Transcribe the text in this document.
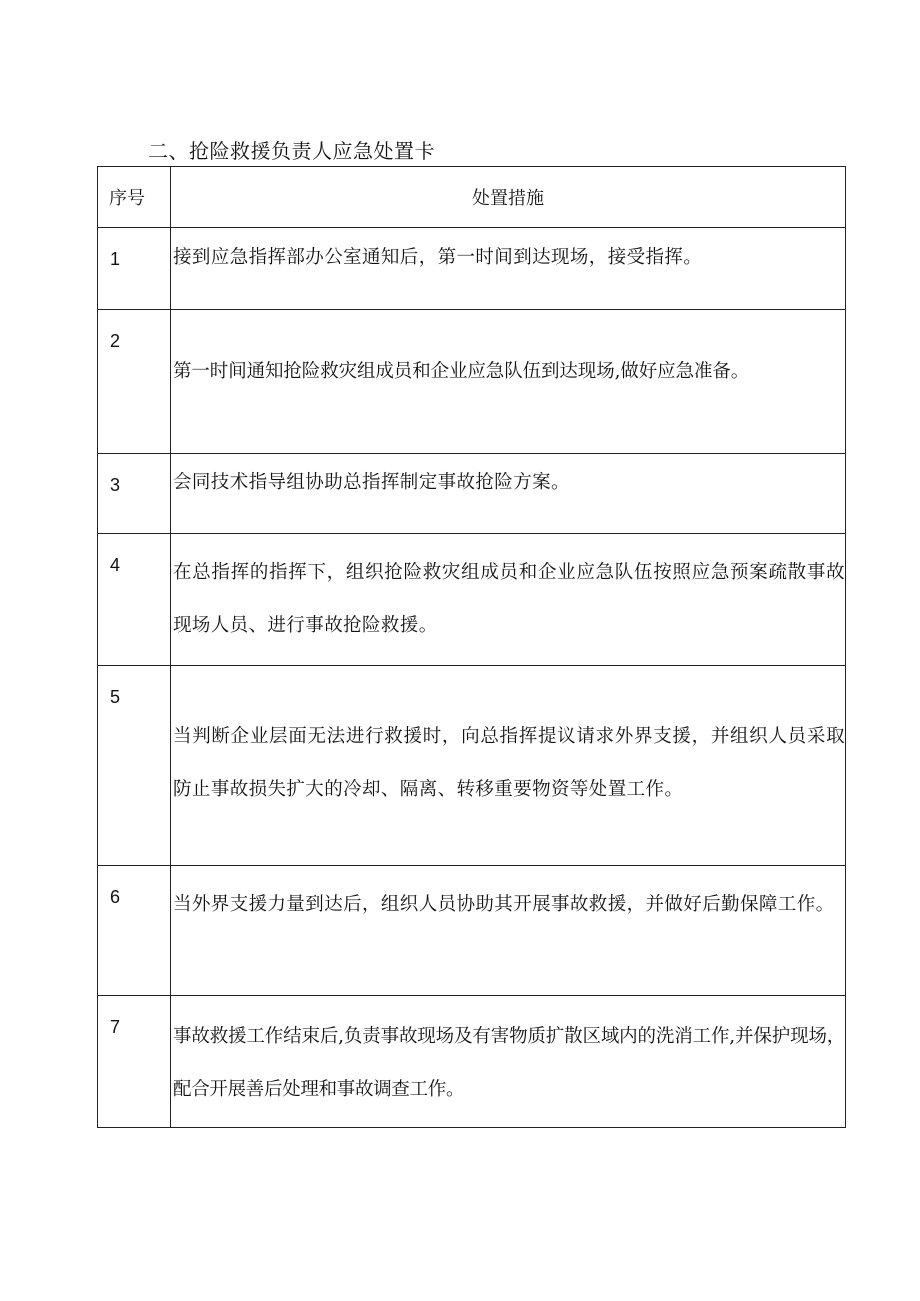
二、抢险救援负责人应急处置卡
序号	处置措施
1	接到应急指挥部办公室通知后，第一时间到达现场，接受指挥。
2	第一时间通知抢险救灾组成员和企业应急队伍到达现场,做好应急准备。
3	会同技术指导组协助总指挥制定事故抢险方案。
4	在总指挥的指挥下，组织抢险救灾组成员和企业应急队伍按照应急预案疏散事故现场人员、进行事故抢险救援。
5	当判断企业层面无法进行救援时，向总指挥提议请求外界支援，并组织人员采取防止事故损失扩大的冷却、隔离、转移重要物资等处置工作。
6	当外界支援力量到达后，组织人员协助其开展事故救援，并做好后勤保障工作。
7	事故救援工作结束后,负责事故现场及有害物质扩散区域内的洗消工作,并保护现场，配合开展善后处理和事故调查工作。
